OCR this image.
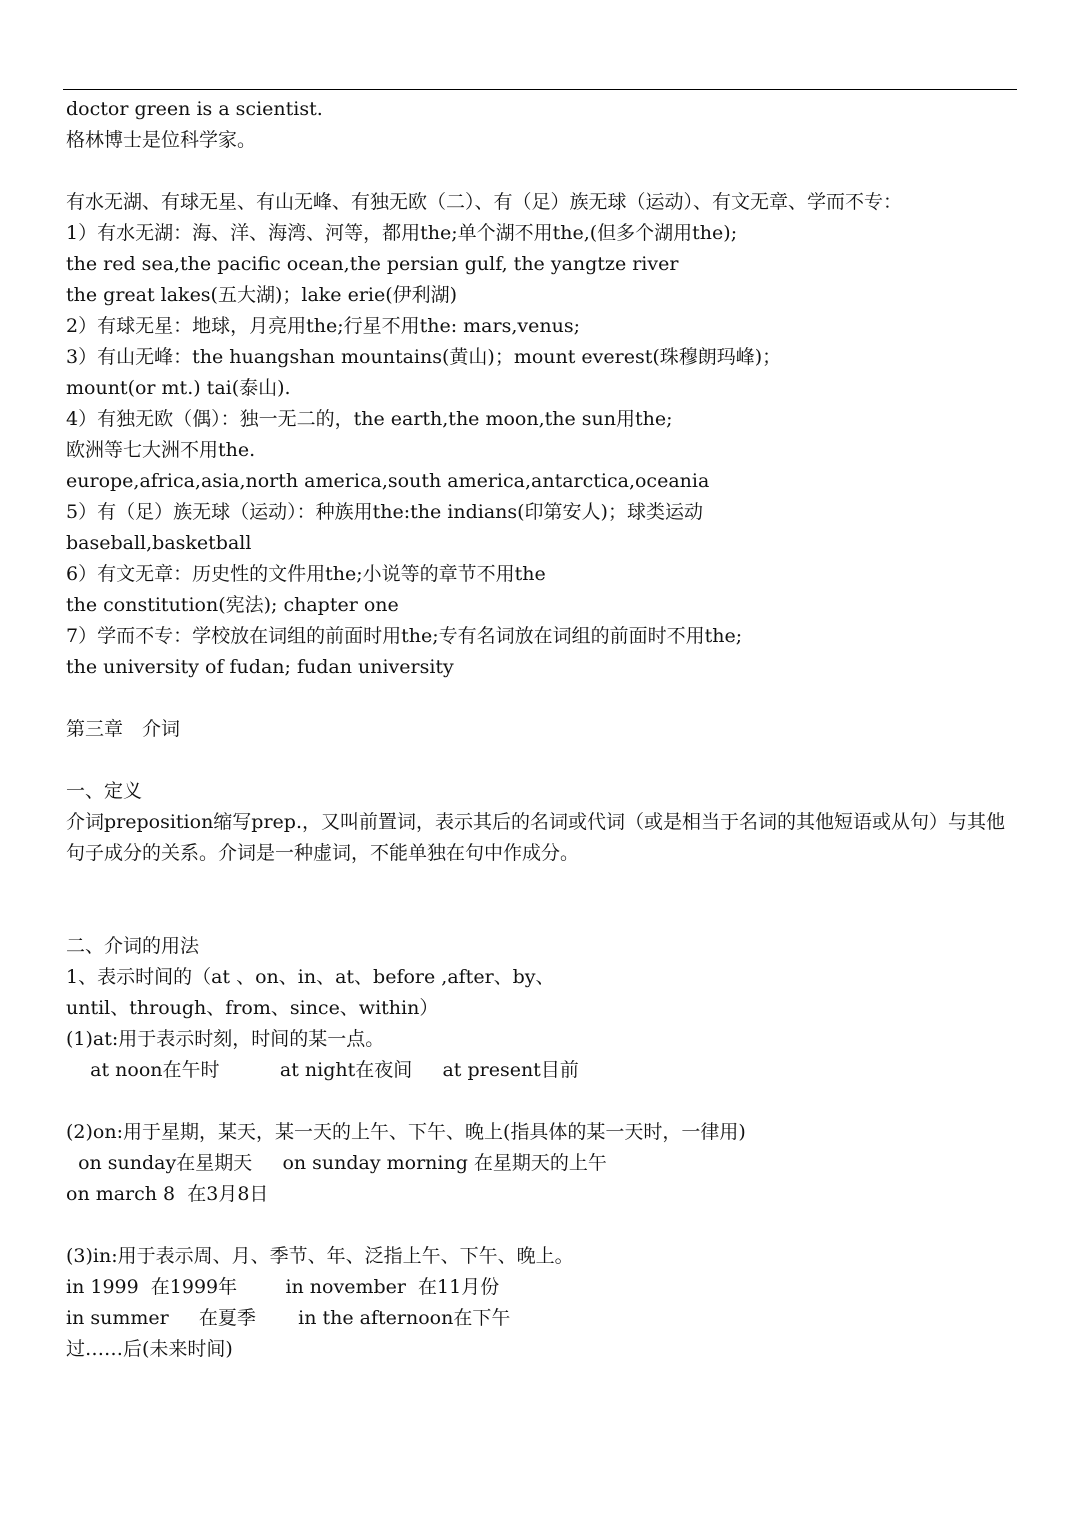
doctor green is a scientist.
格林博士是位科学家。
有水无湖、有球无星、有山无峰、有独无欧（二）、有（足）族无球（运动）、有文无章、学而不专：
1）有水无湖：海、洋、海湾、河等，都用the;单个湖不用the,(但多个湖用the);
the red sea,the pacific ocean,the persian gulf, the yangtze river
the great lakes(五大湖)；lake erie(伊利湖)
2）有球无星：地球，月亮用the;行星不用the: mars,venus;
3）有山无峰：the huangshan mountains(黄山)；mount everest(珠穆朗玛峰)；
mount(or mt.) tai(泰山).
4）有独无欧（偶）：独一无二的，the earth,the moon,the sun用the;
欧洲等七大洲不用the.
europe,africa,asia,north america,south america,antarctica,oceania
5）有（足）族无球（运动）：种族用the:the indians(印第安人)；球类运动
baseball,basketball
6）有文无章：历史性的文件用the;小说等的章节不用the
the constitution(宪法); chapter one
7）学而不专：学校放在词组的前面时用the;专有名词放在词组的前面时不用the;
the university of fudan; fudan university
第三章　介词
一、定义
介词preposition缩写prep.，又叫前置词，表示其后的名词或代词（或是相当于名词的其他短语或从句）与其他句子成分的关系。介词是一种虚词，不能单独在句中作成分。
二、介词的用法
1、表示时间的（at 、on、in、at、before ,after、by、
until、through、from、since、within）
(1)at:用于表示时刻，时间的某一点。
at noon在午时          at night在夜间     at present目前
(2)on:用于星期，某天，某一天的上午、下午、晚上(指具体的某一天时，一律用)
on sunday在星期天     on sunday morning 在星期天的上午
on march 8  在3月8日
(3)in:用于表示周、月、季节、年、泛指上午、下午、晚上。
in 1999  在1999年        in november  在11月份
in summer     在夏季       in the afternoon在下午
过……后(未来时间)
